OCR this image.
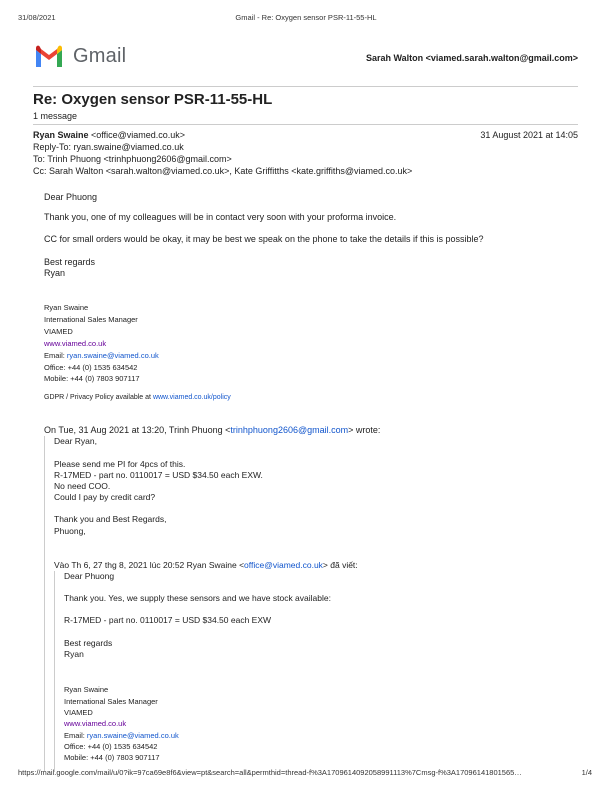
31/08/2021	Gmail - Re: Oxygen sensor PSR-11-55-HL
Gmail	Sarah Walton <viamed.sarah.walton@gmail.com>
Re: Oxygen sensor PSR-11-55-HL
1 message
Ryan Swaine <office@viamed.co.uk>	31 August 2021 at 14:05
Reply-To: ryan.swaine@viamed.co.uk
To: Trinh Phuong <trinhphuong2606@gmail.com>
Cc: Sarah Walton <sarah.walton@viamed.co.uk>, Kate Griffitths <kate.griffiths@viamed.co.uk>
Dear Phuong
Thank you, one of my colleagues will be in contact very soon with your proforma invoice.
CC for small orders would be okay, it may be best we speak on the phone to take the details if this is possible?
Best regards
Ryan
Ryan Swaine
International Sales Manager
VIAMED
www.viamed.co.uk
Email: ryan.swaine@viamed.co.uk
Office: +44 (0) 1535 634542
Mobile: +44 (0) 7803 907117
GDPR / Privacy Policy available at www.viamed.co.uk/policy
On Tue, 31 Aug 2021 at 13:20, Trinh Phuong <trinhphuong2606@gmail.com> wrote:
Dear Ryan,
Please send me PI for 4pcs of this.
R-17MED - part no. 0110017 = USD $34.50 each EXW.
No need COO.
Could I pay by credit card?
Thank you and Best Regards,
Phuong,
Vào Th 6, 27 thg 8, 2021 lúc 20:52 Ryan Swaine <office@viamed.co.uk> đã viết:
Dear Phuong
Thank you. Yes, we supply these sensors and we have stock available:
R-17MED - part no. 0110017 = USD $34.50 each EXW
Best regards
Ryan
Ryan Swaine
International Sales Manager
VIAMED
www.viamed.co.uk
Email: ryan.swaine@viamed.co.uk
Office: +44 (0) 1535 634542
Mobile: +44 (0) 7803 907117
https://mail.google.com/mail/u/0?ik=97ca69e8f6&view=pt&search=all&permthid=thread-f%3A1709614092058991113%7Cmsg-f%3A17096141801565…	1/4
